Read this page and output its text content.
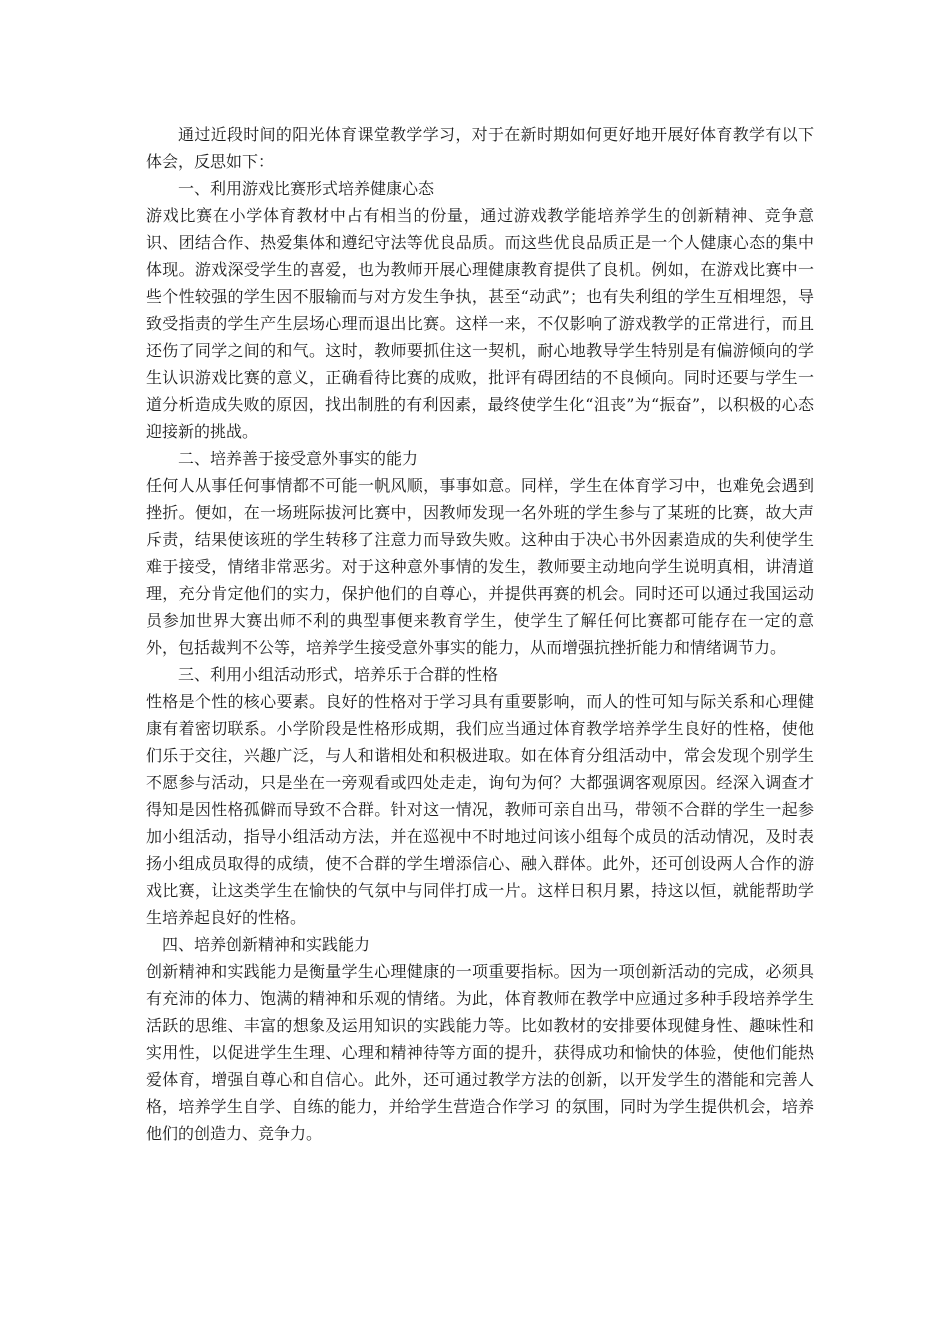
通过近段时间的阳光体育课堂教学学习，对于在新时期如何更好地开展好体育教学有以下体会，反思如下：

一、利用游戏比赛形式培养健康心态

游戏比赛在小学体育教材中占有相当的份量，通过游戏教学能培养学生的创新精神、竞争意识、团结合作、热爱集体和遵纪守法等优良品质。而这些优良品质正是一个人健康心态的集中体现。游戏深受学生的喜爱，也为教师开展心理健康教育提供了良机。例如，在游戏比赛中一些个性较强的学生因不服输而与对方发生争执，甚至“动武”；也有失利组的学生互相埋怨，导致受指责的学生产生层场心理而退出比赛。这样一来，不仅影响了游戏教学的正常进行，而且还伤了同学之间的和气。这时，教师要抓住这一契机，耐心地教导学生特别是有偏游倾向的学生认识游戏比赛的意义，正确看待比赛的成败，批评有碍团结的不良倾向。同时还要与学生一道分析造成失败的原因，找出制胜的有利因素，最终使学生化“沮丧”为“振奋”，以积极的心态迎接新的挑战。

二、培养善于接受意外事实的能力

任何人从事任何事情都不可能一帆风顺，事事如意。同样，学生在体育学习中，也难免会遇到挫折。便如，在一场班际拔河比赛中，因教师发现一名外班的学生参与了某班的比赛，故大声斥责，结果使该班的学生转移了注意力而导致失败。这种由于决心书外因素造成的失利使学生难于接受，情绪非常恶劣。对于这种意外事情的发生，教师要主动地向学生说明真相，讲清道理，充分肯定他们的实力，保护他们的自尊心，并提供再赛的机会。同时还可以通过我国运动员参加世界大赛出师不利的典型事便来教育学生，使学生了解任何比赛都可能存在一定的意外，包括裁判不公等，培养学生接受意外事实的能力，从而增强抗挫折能力和情绪调节力。

三、利用小组活动形式，培养乐于合群的性格

性格是个性的核心要素。良好的性格对于学习具有重要影响，而人的性可知与际关系和心理健康有着密切联系。小学阶段是性格形成期，我们应当通过体育教学培养学生良好的性格，使他们乐于交往，兴趣广泛，与人和谐相处和积极进取。如在体育分组活动中，常会发现个别学生不愿参与活动，只是坐在一旁观看或四处走走，询句为何？大都强调客观原因。经深入调查才得知是因性格孤僻而导致不合群。针对这一情况，教师可亲自出马，带领不合群的学生一起参加小组活动，指导小组活动方法，并在巡视中不时地过问该小组每个成员的活动情况，及时表扬小组成员取得的成绩，使不合群的学生增添信心、融入群体。此外，还可创设两人合作的游戏比赛，让这类学生在愉快的气氛中与同伴打成一片。这样日积月累，持这以恒，就能帮助学生培养起良好的性格。

四、培养创新精神和实践能力

创新精神和实践能力是衡量学生心理健康的一项重要指标。因为一项创新活动的完成，必须具有充沛的体力、饱满的精神和乐观的情绪。为此，体育教师在教学中应通过多种手段培养学生活跃的思维、丰富的想象及运用知识的实践能力等。比如教材的安排要体现健身性、趣味性和实用性，以促进学生生理、心理和精神待等方面的提升，获得成功和愉快的体验，使他们能热爱体育，增强自尊心和自信心。此外，还可通过教学方法的创新，以开发学生的潜能和完善人格，培养学生自学、自练的能力，并给学生营造合作学习 的氛围，同时为学生提供机会，培养他们的创造力、竞争力。
